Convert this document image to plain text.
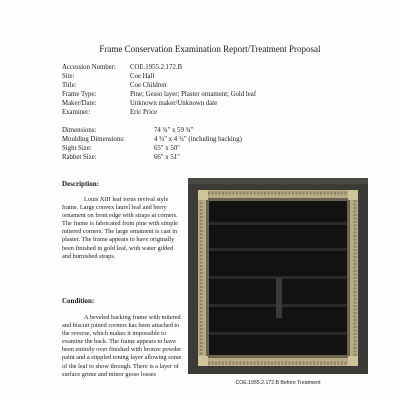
Frame Conservation Examination Report/Treatment Proposal
Accession Number: COE.1955.2.172.B
Site:	Coe Hall
Title:	Coe Children
Frame Type:	Pine; Gesso layer; Plaster ornament; Gold leaf
Maker/Date:	Unknown maker/Unknown date
Examiner:	Eric Price
Dimensions:	74 ¾" x 59 ¾"
Moulding Dimensions:	4 ¾" x 4 ¾" (including backing)
Sight Size:	65" x 50"
Rabbet Size:	66" x 51"
Description:
Louis XIII leaf torus revival style frame. Large convex laurel leaf and berry ornament on front edge with straps at corners. The frame is fabricated from pine with simple mitered corners. The large ornament is cast in plaster. The frame appears to have originally been finished in gold leaf, with water gilded and burnished straps.
Condition:
A beveled backing frame with mitered and biscuit joined corners has been attached to the reverse, which makes it impossible to examine the back. The frame appears to have been entirely over finished with bronze powder paint and a stippled toning layer allowing some of the leaf to show through. There is a layer of surface grime and minor gesso losses
COE.1955.2.172.B Before Treatment
